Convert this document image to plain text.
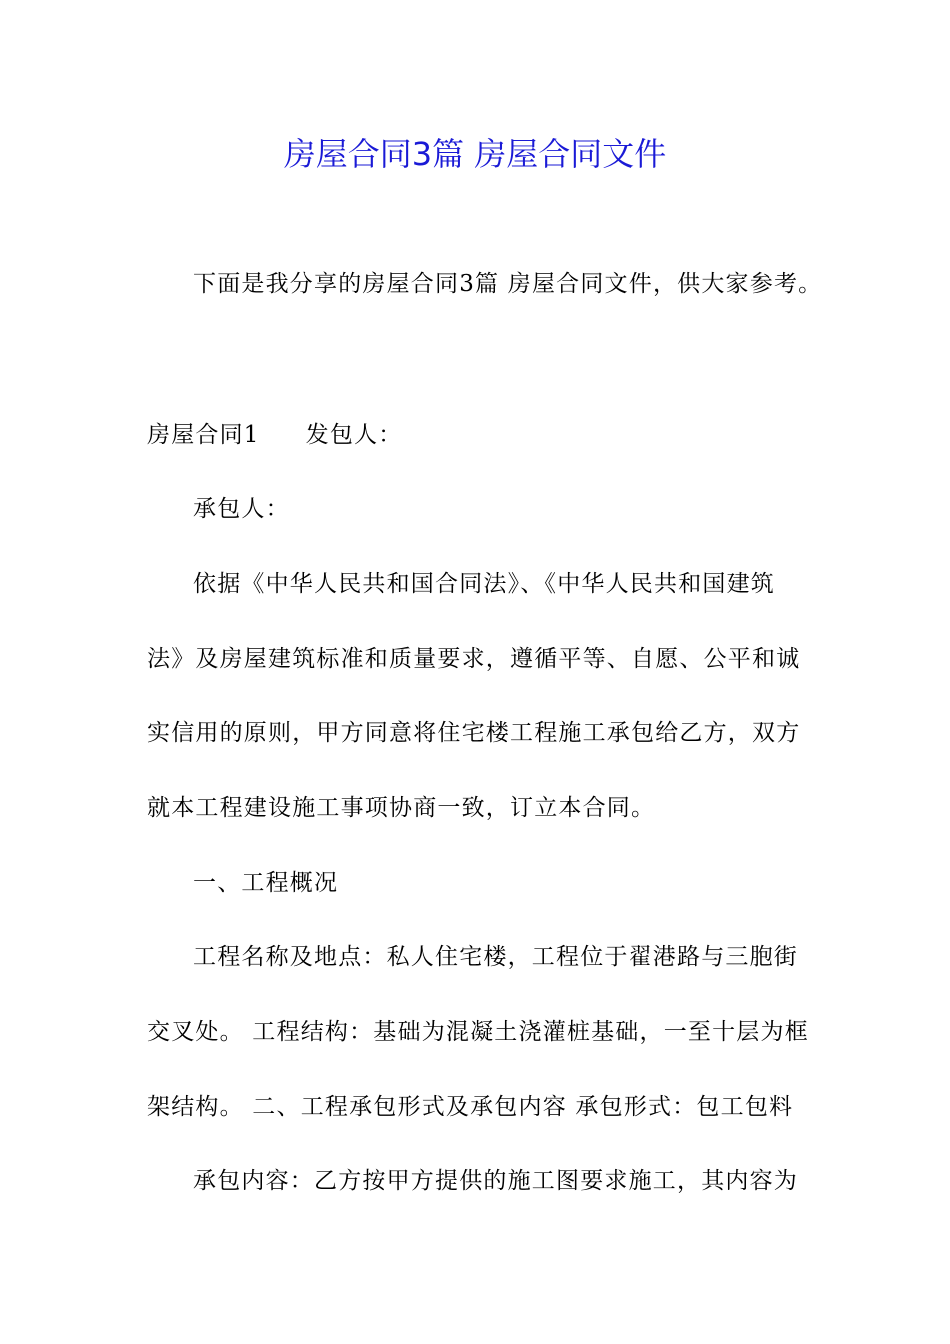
房屋合同3篇 房屋合同文件
下面是我分享的房屋合同3篇 房屋合同文件，供大家参考。
房屋合同1 发包人：
承包人：
依据《中华人民共和国合同法》、《中华人民共和国建筑
法》及房屋建筑标准和质量要求，遵循平等、自愿、公平和诚
实信用的原则，甲方同意将住宅楼工程施工承包给乙方，双方
就本工程建设施工事项协商一致，订立本合同。
一、工程概况
工程名称及地点：私人住宅楼，工程位于翟港路与三胞街
交叉处。 工程结构：基础为混凝土浇灌桩基础，一至十层为框
架结构。 二、工程承包形式及承包内容 承包形式：包工包料
承包内容：乙方按甲方提供的施工图要求施工，其内容为
